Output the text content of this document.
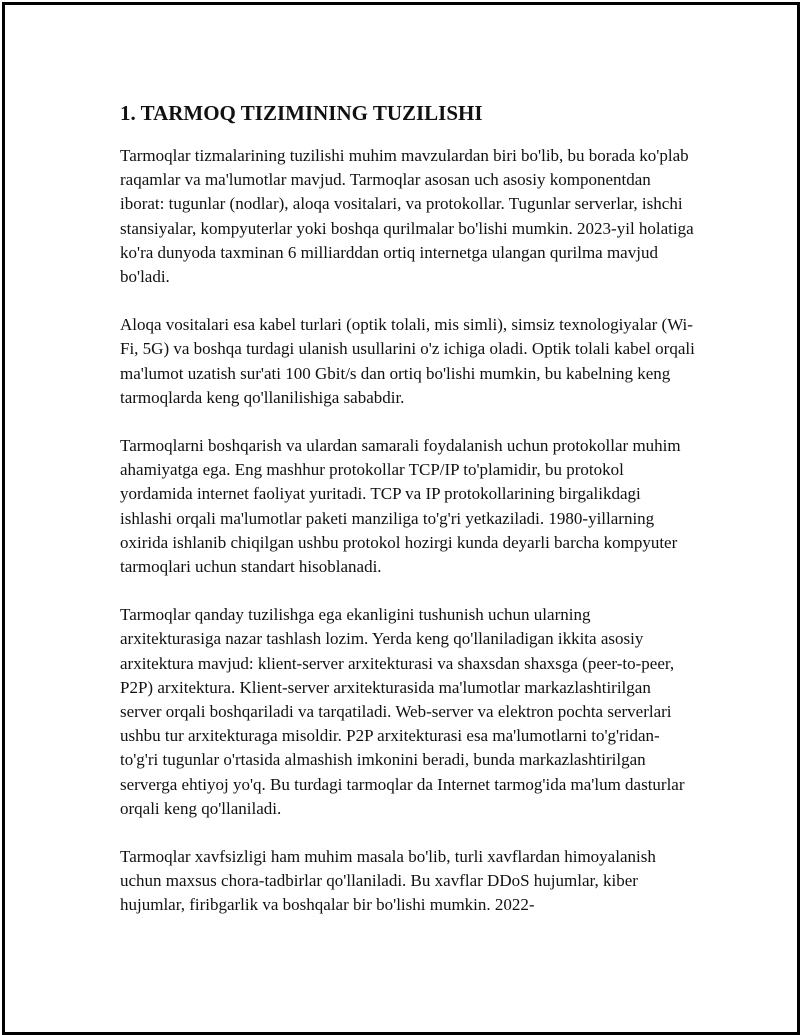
1. TARMOQ TIZIMINING TUZILISHI

Tarmoqlar tizmalarining tuzilishi muhim mavzulardan biri bo'lib, bu borada ko'plab raqamlar va ma'lumotlar mavjud. Tarmoqlar asosan uch asosiy komponentdan iborat: tugunlar (nodlar), aloqa vositalari, va protokollar. Tugunlar serverlar, ishchi stansiyalar, kompyuterlar yoki boshqa qurilmalar bo'lishi mumkin. 2023-yil holatiga ko'ra dunyoda taxminan 6 milliarddan ortiq internetga ulangan qurilma mavjud bo'ladi.

Aloqa vositalari esa kabel turlari (optik tolali, mis simli), simsiz texnologiyalar (Wi-Fi, 5G) va boshqa turdagi ulanish usullarini o'z ichiga oladi. Optik tolali kabel orqali ma'lumot uzatish sur'ati 100 Gbit/s dan ortiq bo'lishi mumkin, bu kabelning keng tarmoqlarda keng qo'llanilishiga sababdir.

Tarmoqlarni boshqarish va ulardan samarali foydalanish uchun protokollar muhim ahamiyatga ega. Eng mashhur protokollar TCP/IP to'plamidir, bu protokol yordamida internet faoliyat yuritadi. TCP va IP protokollarining birgalikdagi ishlashi orqali ma'lumotlar paketi manziliga to'g'ri yetkaziladi. 1980-yillarning oxirida ishlanib chiqilgan ushbu protokol hozirgi kunda deyarli barcha kompyuter tarmoqlari uchun standart hisoblanadi.

Tarmoqlar qanday tuzilishga ega ekanligini tushunish uchun ularning arxitekturasiga nazar tashlash lozim. Yerda keng qo'llaniladigan ikkita asosiy arxitektura mavjud: klient-server arxitekturasi va shaxsdan shaxsga (peer-to-peer, P2P) arxitektura. Klient-server arxitekturasida ma'lumotlar markazlashtirilgan server orqali boshqariladi va tarqatiladi. Web-server va elektron pochta serverlari ushbu tur arxitekturaga misoldir. P2P arxitekturasi esa ma'lumotlarni to'g'ridan-to'g'ri tugunlar o'rtasida almashish imkonini beradi, bunda markazlashtirilgan serverga ehtiyoj yo'q. Bu turdagi tarmoqlar da Internet tarmog'ida ma'lum dasturlar orqali keng qo'llaniladi.

Tarmoqlar xavfsizligi ham muhim masala bo'lib, turli xavflardan himoyalanish uchun maxsus chora-tadbirlar qo'llaniladi. Bu xavflar DDoS hujumlar, kiber hujumlar, firibgarlik va boshqalar bir bo'lishi mumkin. 2022-
